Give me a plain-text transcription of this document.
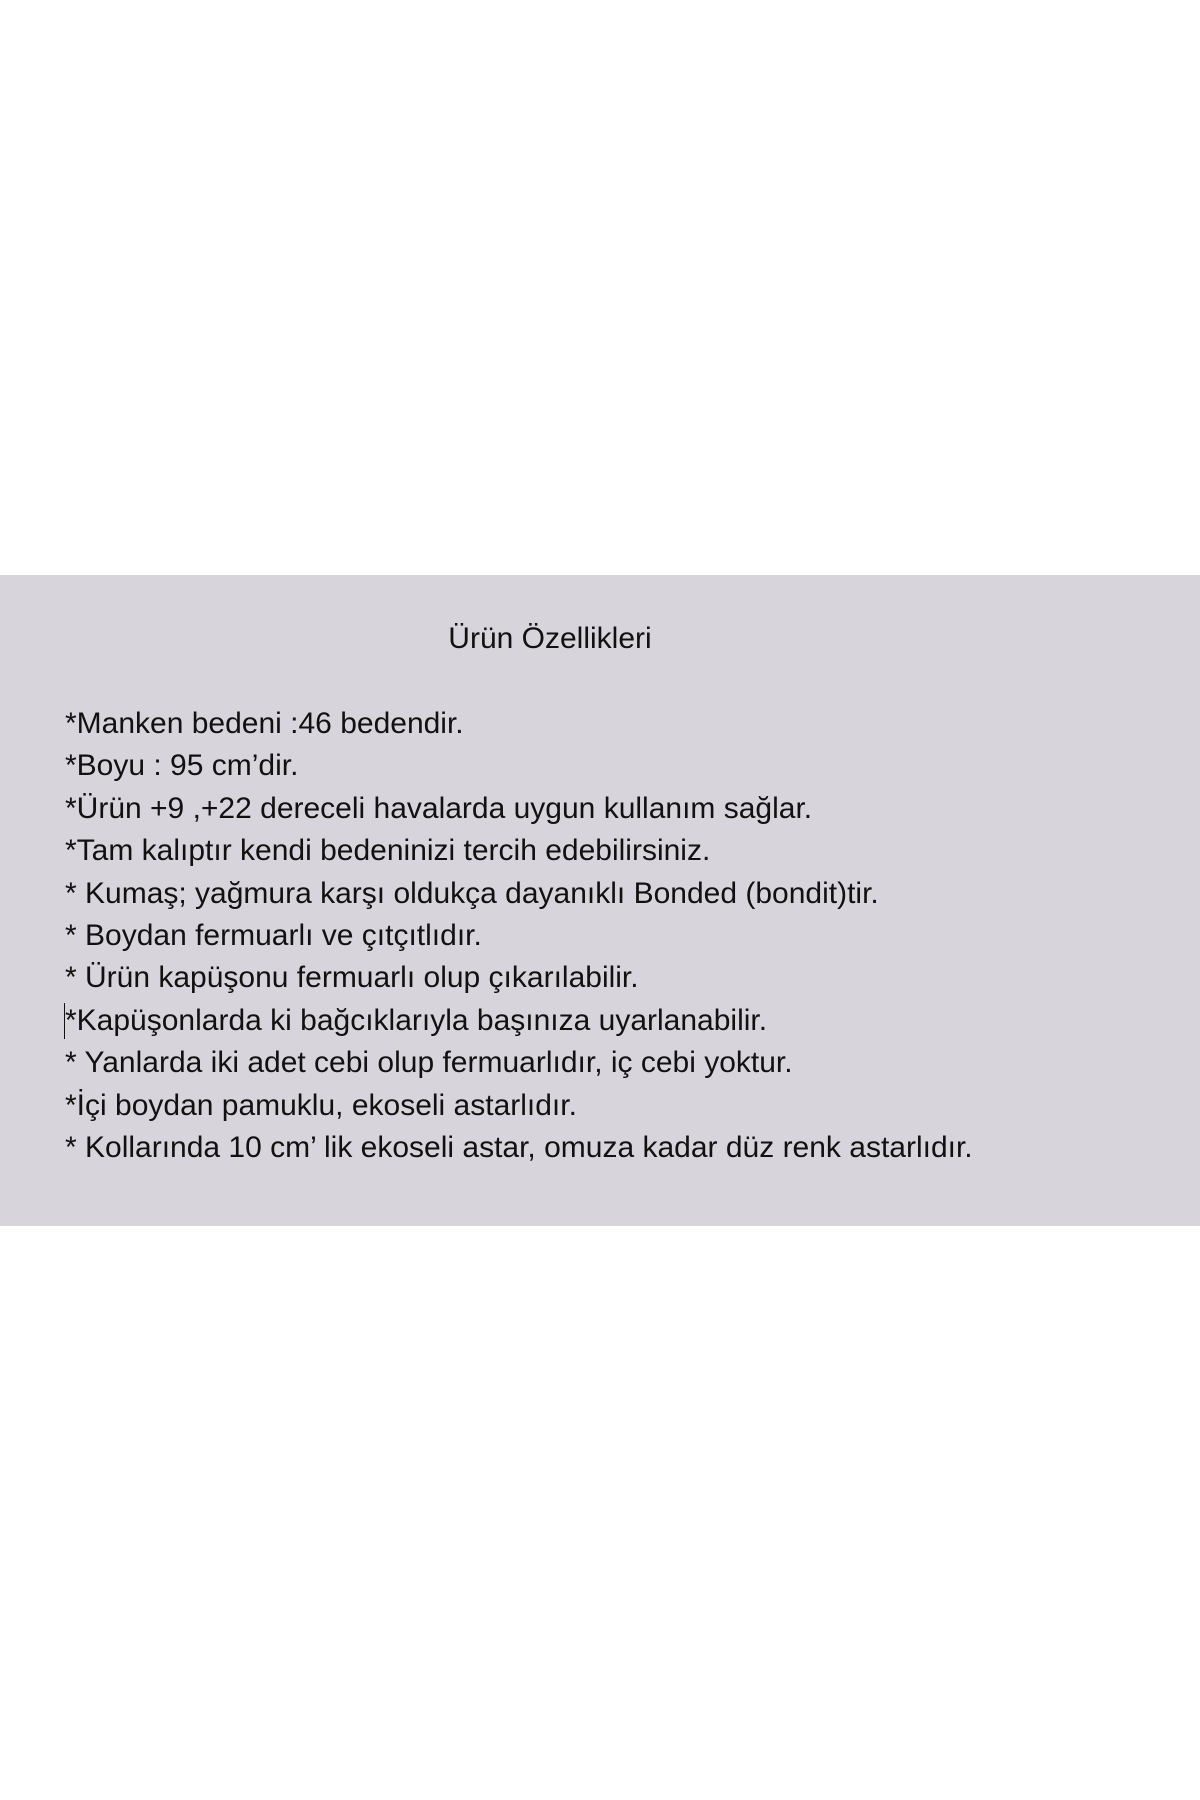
Ürün Özellikleri
*Manken bedeni :46 bedendir.
*Boyu : 95 cm’dir.
*Ürün +9 ,+22 dereceli havalarda uygun kullanım sağlar.
*Tam kalıptır kendi bedeninizi tercih edebilirsiniz.
* Kumaş; yağmura karşı oldukça dayanıklı Bonded (bondit)tir.
* Boydan fermuarlı ve çıtçıtlıdır.
* Ürün kapüşonu fermuarlı olup çıkarılabilir.
*Kapüşonlarda ki bağcıklarıyla başınıza uyarlanabilir.
* Yanlarda iki adet cebi olup fermuarlıdır, iç cebi yoktur.
*İçi boydan pamuklu, ekoseli astarlıdır.
* Kollarında 10 cm’ lik ekoseli astar, omuza kadar düz renk astarlıdır.
